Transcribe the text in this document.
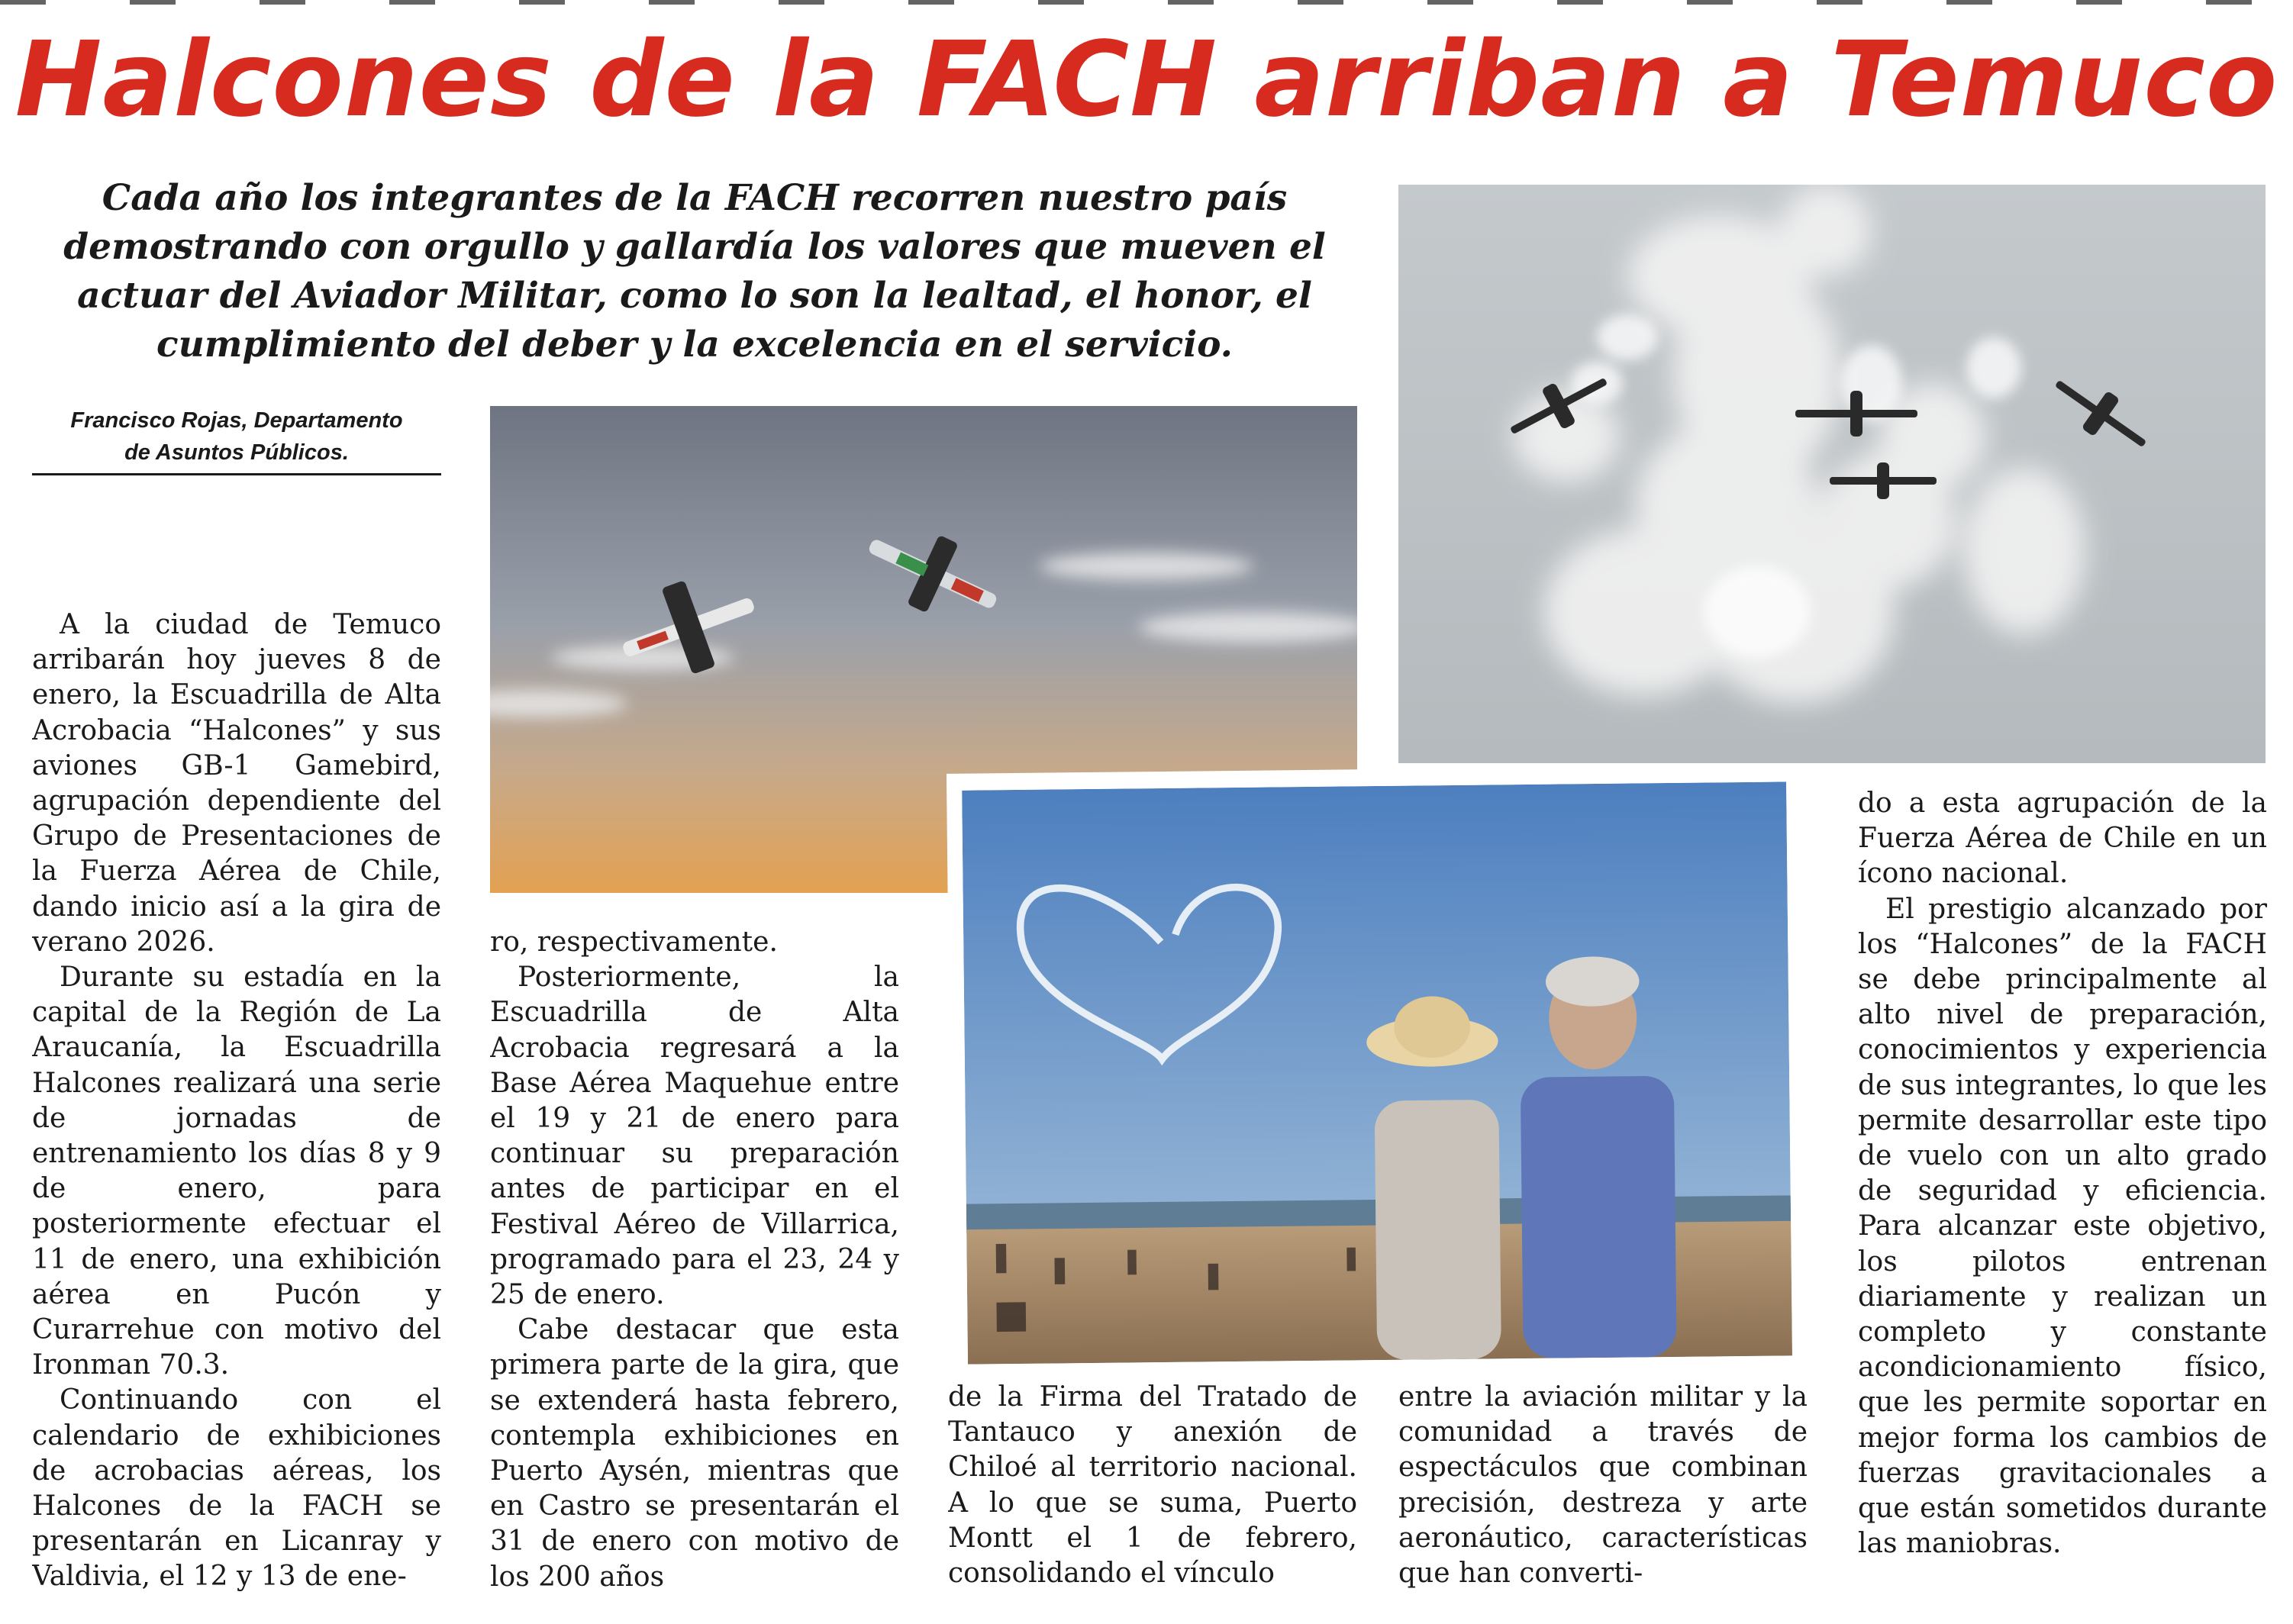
Halcones de la FACH arriban a Temuco
Cada año los integrantes de la FACH recorren nuestro país demostrando con orgullo y gallardía los valores que mueven el actuar del Aviador Militar, como lo son la lealtad, el honor, el cumplimiento del deber y la excelencia en el servicio.
Francisco Rojas, Departamento
de Asuntos Públicos.

A la ciudad de Temuco arribarán hoy jueves 8 de enero, la Escuadrilla de Alta Acrobacia “Halcones” y sus aviones GB-1 Gamebird, agrupación dependiente del Grupo de Presentaciones de la Fuerza Aérea de Chile, dando inicio así a la gira de verano 2026.

Durante su estadía en la capital de la Región de La Araucanía, la Escuadrilla Halcones realizará una serie de jornadas de entrenamiento los días 8 y 9 de enero, para posteriormente efectuar el 11 de enero, una exhibición aérea en Pucón y Curarrehue con motivo del Ironman 70.3.

Continuando con el calendario de exhibiciones de acrobacias aéreas, los Halcones de la FACH se presentarán en Licanray y Valdivia, el 12 y 13 de ene-

ro, respectivamente.

Posteriormente, la Escuadrilla de Alta Acrobacia regresará a la Base Aérea Maquehue entre el 19 y 21 de enero para continuar su preparación antes de participar en el Festival Aéreo de Villarrica, programado para el 23, 24 y 25 de enero.

Cabe destacar que esta primera parte de la gira, que se extenderá hasta febrero, contempla exhibiciones en Puerto Aysén, mientras que en Castro se presentarán el 31 de enero con motivo de los 200 años

de la Firma del Tratado de Tantauco y anexión de Chiloé al territorio nacional. A lo que se suma, Puerto Montt el 1 de febrero, consolidando el vínculo

entre la aviación militar y la comunidad a través de espectáculos que combinan precisión, destreza y arte aeronáutico, características que han converti-

do a esta agrupación de la Fuerza Aérea de Chile en un ícono nacional.

El prestigio alcanzado por los “Halcones” de la FACH se debe principalmente al alto nivel de preparación, conocimientos y experiencia de sus integrantes, lo que les permite desarrollar este tipo de vuelo con un alto grado de seguridad y eficiencia. Para alcanzar este objetivo, los pilotos entrenan diariamente y realizan un completo y constante acondicionamiento físico, que les permite soportar en mejor forma los cambios de fuerzas gravitacionales a que están sometidos durante las maniobras.
